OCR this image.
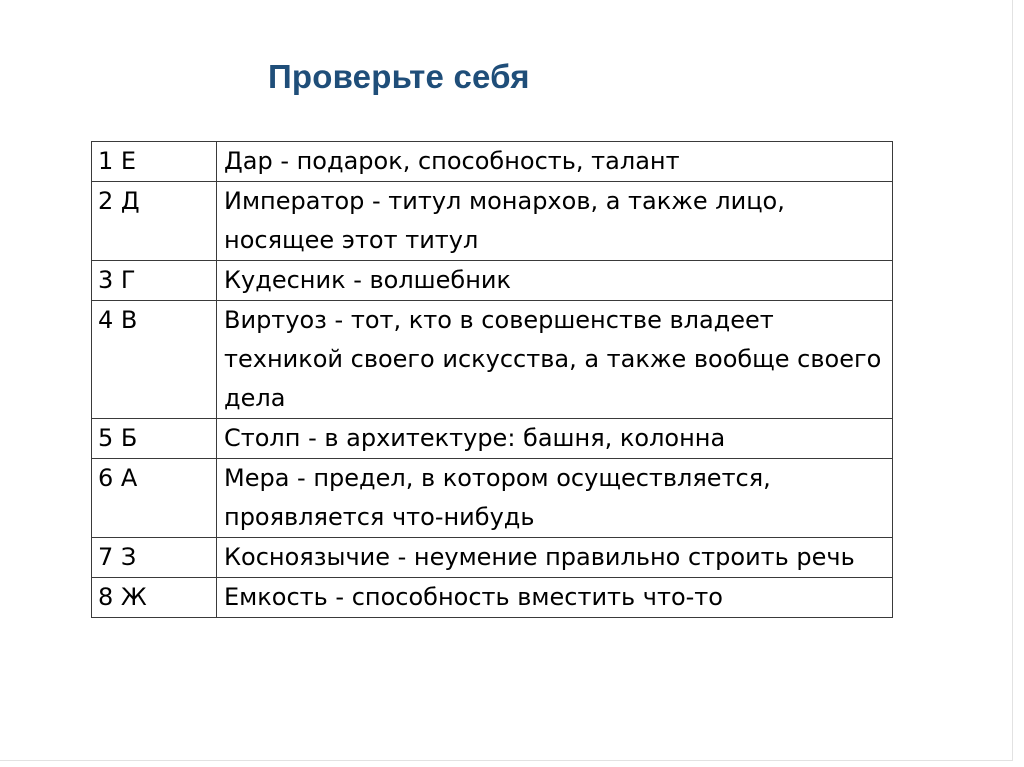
Проверьте себя
1 Е	Дар - подарок, способность, талант
2 Д	Император - титул монархов, а также лицо, носящее этот титул
3 Г	Кудесник - волшебник
4 В	Виртуоз - тот, кто в совершенстве владеет техникой своего искусства, а также вообще своего дела
5 Б	Столп - в архитектуре: башня, колонна
6 А	Мера - предел, в котором осуществляется, проявляется что-нибудь
7 З	Косноязычие - неумение правильно строить речь
8 Ж	Емкость - способность вместить что-то
